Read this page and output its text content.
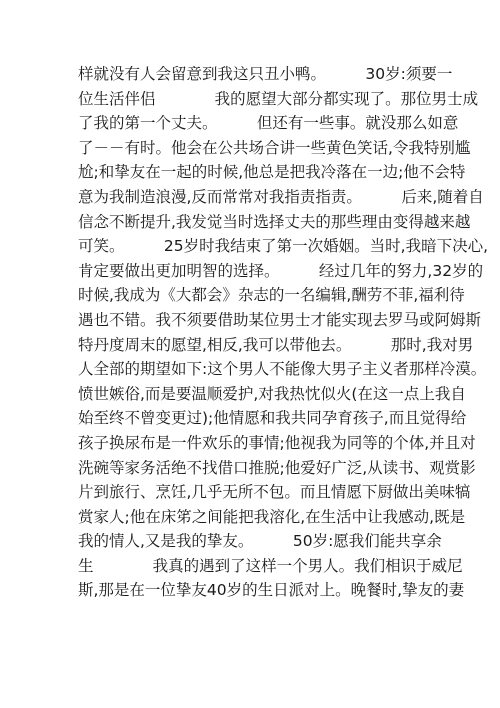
样就没有人会留意到我这只丑小鸭。        30岁:须要一
位生活伴侣            我的愿望大部分都实现了。那位男士成
了我的第一个丈夫。        但还有一些事。就没那么如意
了－－有时。他会在公共场合讲一些黄色笑话,令我特别尴
尬;和挚友在一起的时候,他总是把我冷落在一边;他不会特
意为我制造浪漫,反而常常对我指责指责。        后来,随着自
信念不断提升,我发觉当时选择丈夫的那些理由变得越来越
可笑。        25岁时我结束了第一次婚姻。当时,我暗下决心,
肯定要做出更加明智的选择。        经过几年的努力,32岁的
时候,我成为《大都会》杂志的一名编辑,酬劳不菲,福利待
遇也不错。我不须要借助某位男士才能实现去罗马或阿姆斯
特丹度周末的愿望,相反,我可以带他去。        那时,我对男
人全部的期望如下:这个男人不能像大男子主义者那样冷漠。
愤世嫉俗,而是要温顺爱护,对我热忱似火(在这一点上我自
始至终不曾变更过);他情愿和我共同孕育孩子,而且觉得给
孩子换尿布是一件欢乐的事情;他视我为同等的个体,并且对
洗碗等家务活绝不找借口推脱;他爱好广泛,从读书、观赏影
片到旅行、烹饪,几乎无所不包。而且情愿下厨做出美味犒
赏家人;他在床笫之间能把我溶化,在生活中让我感动,既是
我的情人,又是我的挚友。        50岁:愿我们能共享余
生            我真的遇到了这样一个男人。我们相识于威尼
斯,那是在一位挚友40岁的生日派对上。晚餐时,挚友的妻
